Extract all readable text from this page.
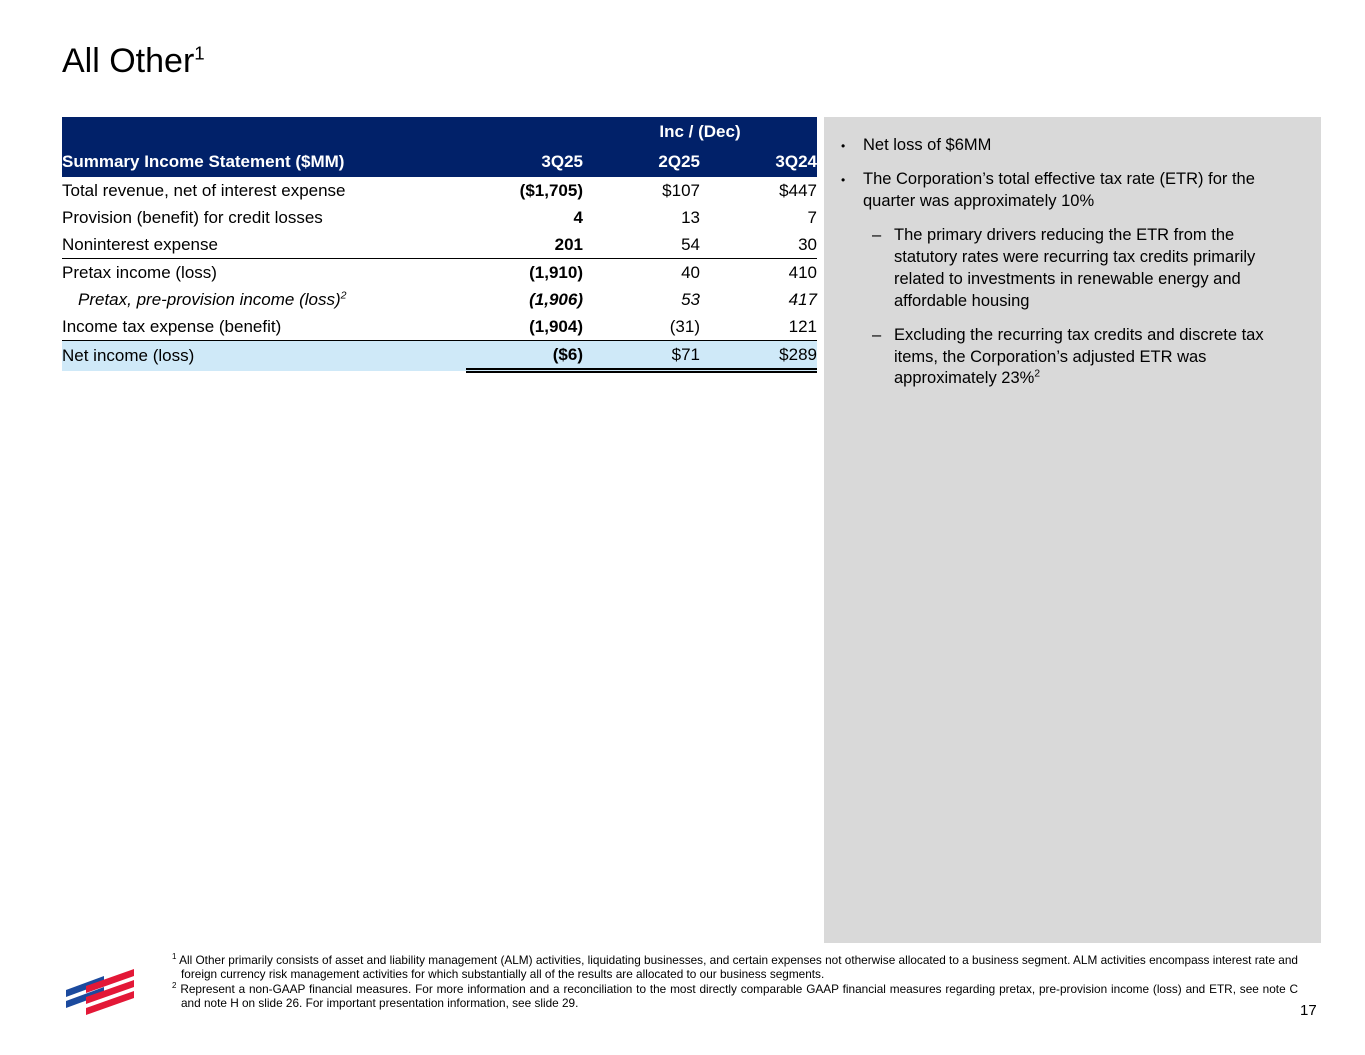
All Other$^1$
		Inc / (Dec)	
Summary Income Statement ($MM)	3Q25	2Q25	3Q24
Total revenue, net of interest expense	($1,705)	$107	$447
Provision (benefit) for credit losses	4	13	7
Noninterest expense	201	54	30
Pretax income (loss)	(1,910)	40	410
Pretax, pre-provision income (loss)$^2$	(1,906)	53	417
Income tax expense (benefit)	(1,904)	(31)	121
Net income (loss)	($6)	$71	$289
•	Net loss of $6MM
•	The Corporation’s total effective tax rate (ETR) for the quarter was approximately 10%
– The primary drivers reducing the ETR from the statutory rates were recurring tax credits primarily related to investments in renewable energy and affordable housing
– Excluding the recurring tax credits and discrete tax items, the Corporation’s adjusted ETR was approximately 23%$^2$

$^1$ All Other primarily consists of asset and liability management (ALM) activities, liquidating businesses, and certain expenses not otherwise allocated to a business segment. ALM activities encompass interest rate and foreign currency risk management activities for which substantially all of the results are allocated to our business segments.

$^2$ Represent a non-GAAP financial measures. For more information and a reconciliation to the most directly comparable GAAP financial measures regarding pretax, pre-provision income (loss) and ETR, see note C and note H on slide 26. For important presentation information, see slide 29.	17
